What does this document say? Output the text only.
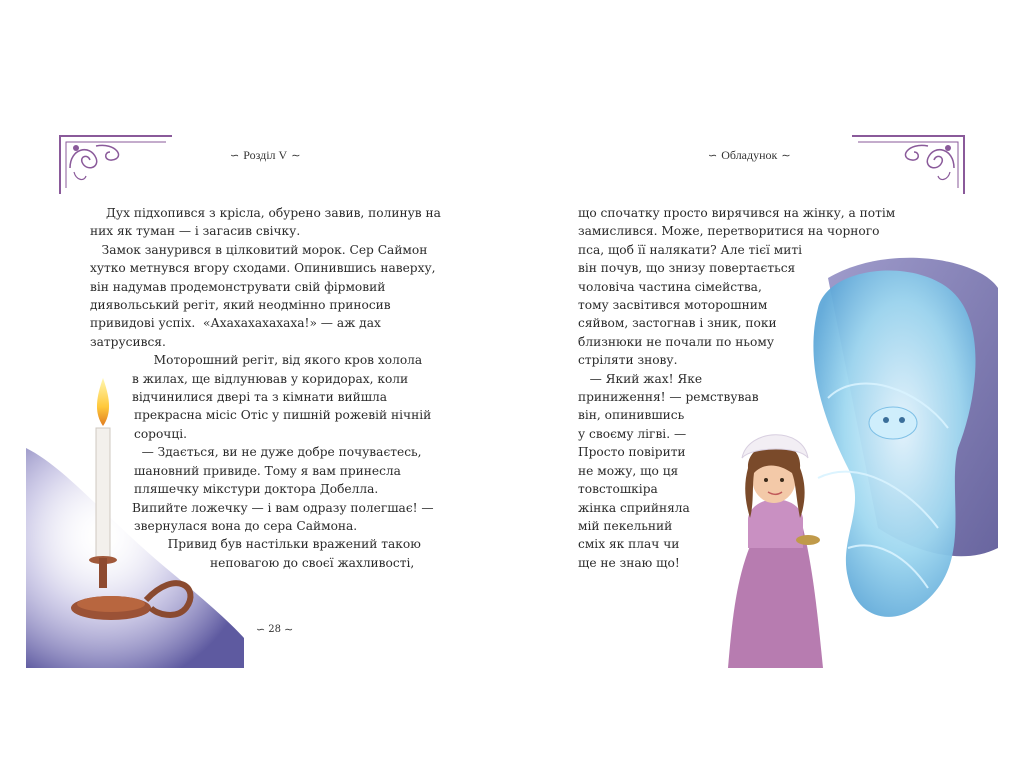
∽ Розділ V ∼
Дух підхопився з крісла, обурено завив, полинув на
них як туман — і загасив свічку.
Замок занурився в цілковитий морок. Сер Саймон
хутко метнувся вгору сходами. Опинившись наверху,
він надумав продемонструвати свій фірмовий
диявольський регіт, який неодмінно приносив
привидові успіх.  «Ахахахахахаха!» — аж дах
затрусився.
Моторошний регіт, від якого кров холола
в жилах, ще відлунював у коридорах, коли
відчинилися двері та з кімнати вийшла
прекрасна місіс Отіс у пишній рожевій нічній
сорочці.
— Здається, ви не дуже добре почуваєтесь,
шановний привиде. Тому я вам принесла
пляшечку мікстури доктора Добелла.
Випийте ложечку — і вам одразу полегшає! —
звернулася вона до сера Саймона.
Привид був настільки вражений такою
неповагою до своєї жахливості,
∽ 28 ∼
∽ Обладунок ∼
що спочатку просто вирячився на жінку, а потім
замислився. Може, перетворитися на чорного
пса, щоб її налякати? Але тієї миті
він почув, що знизу повертається
чоловіча частина сімейства,
тому засвітився моторошним
сяйвом, застогнав і зник, поки
близнюки не почали по ньому
стріляти знову.
— Який жах! Яке
приниження! — ремствував
він, опинившись
у своєму лігві. —
Просто повірити
не можу, що ця
товстошкіра
жінка сприйняла
мій пекельний
сміх як плач чи
ще не знаю що!
